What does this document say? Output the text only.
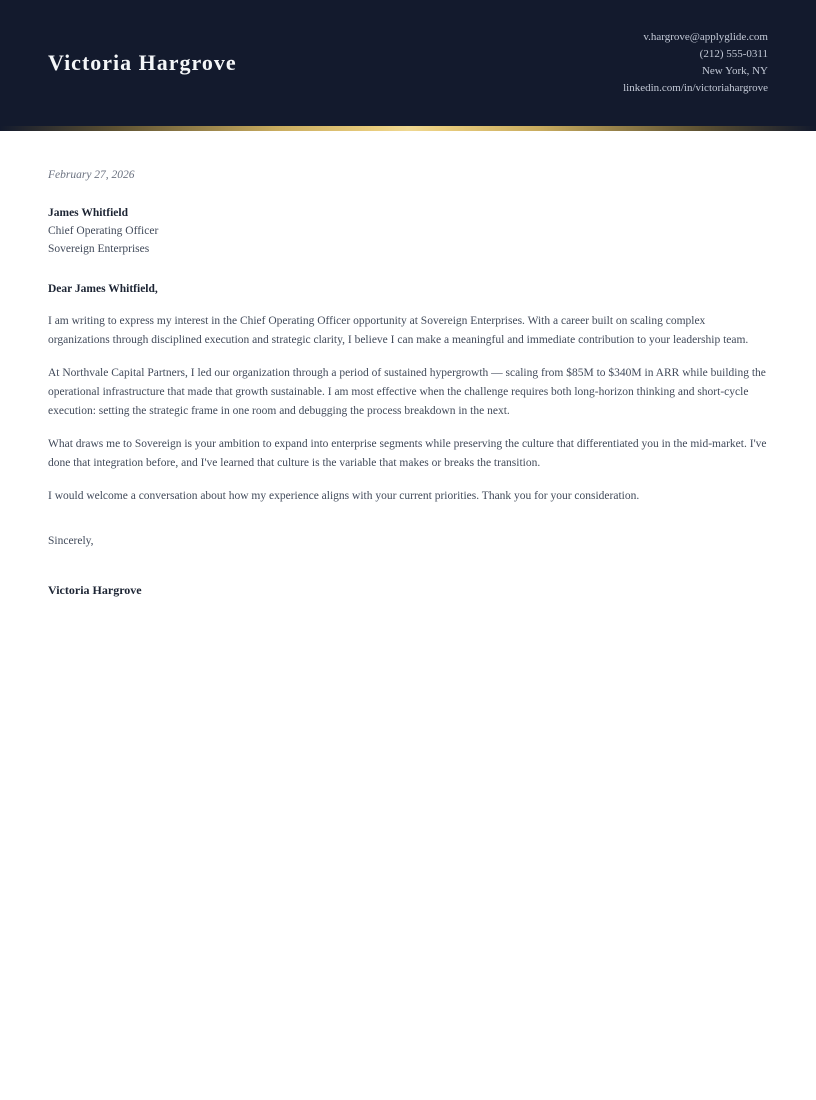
Victoria Hargrove
v.hargrove@applyglide.com
(212) 555-0311
New York, NY
linkedin.com/in/victoriahargrove
February 27, 2026
James Whitfield
Chief Operating Officer
Sovereign Enterprises
Dear James Whitfield,

I am writing to express my interest in the Chief Operating Officer opportunity at Sovereign Enterprises. With a career built on scaling complex organizations through disciplined execution and strategic clarity, I believe I can make a meaningful and immediate contribution to your leadership team.

At Northvale Capital Partners, I led our organization through a period of sustained hypergrowth — scaling from $85M to $340M in ARR while building the operational infrastructure that made that growth sustainable. I am most effective when the challenge requires both long-horizon thinking and short-cycle execution: setting the strategic frame in one room and debugging the process breakdown in the next.

What draws me to Sovereign is your ambition to expand into enterprise segments while preserving the culture that differentiated you in the mid-market. I've done that integration before, and I've learned that culture is the variable that makes or breaks the transition.

I would welcome a conversation about how my experience aligns with your current priorities. Thank you for your consideration.

Sincerely,
Victoria Hargrove
